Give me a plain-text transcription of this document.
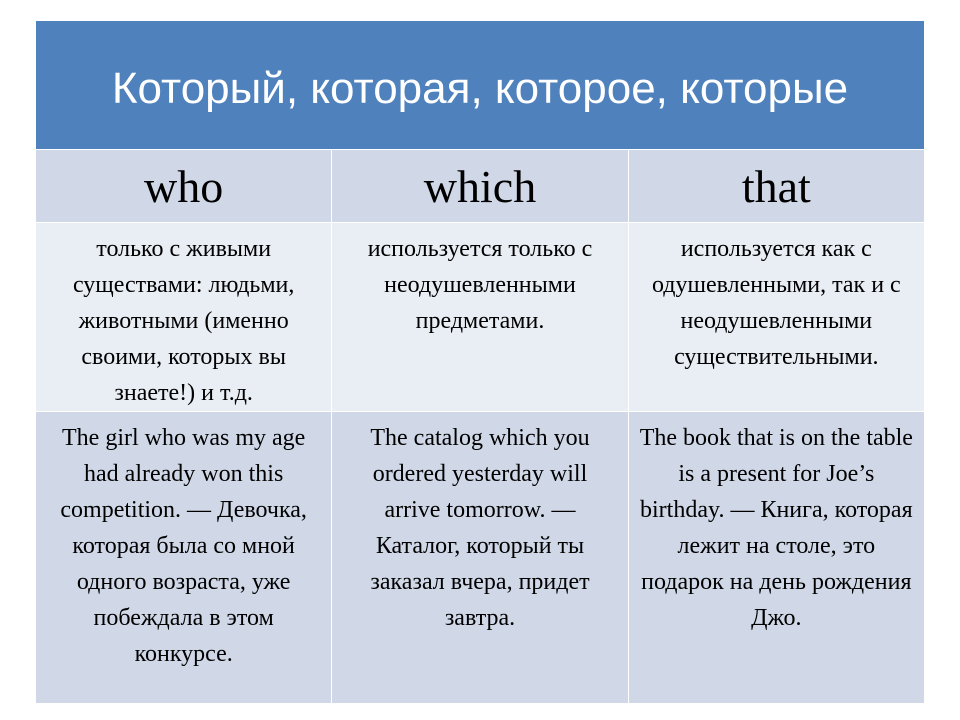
Который, которая, которое, которые		

who	which	that

только с живыми существами: людьми, животными (именно своими, которых вы знаете!) и т.д.	используется только с неодушевленными предметами.	используется как с одушевленными, так и с неодушевленными существительными.

The girl who was my age had already won this competition. — Девочка, которая была со мной одного возраста, уже побеждала в этом конкурсе.	The catalog which you ordered yesterday will arrive tomorrow. — Каталог, который ты заказал вчера, придет завтра.	The book that is on the table is a present for Joe’s birthday. — Книга, которая лежит на столе, это подарок на день рождения Джо.
